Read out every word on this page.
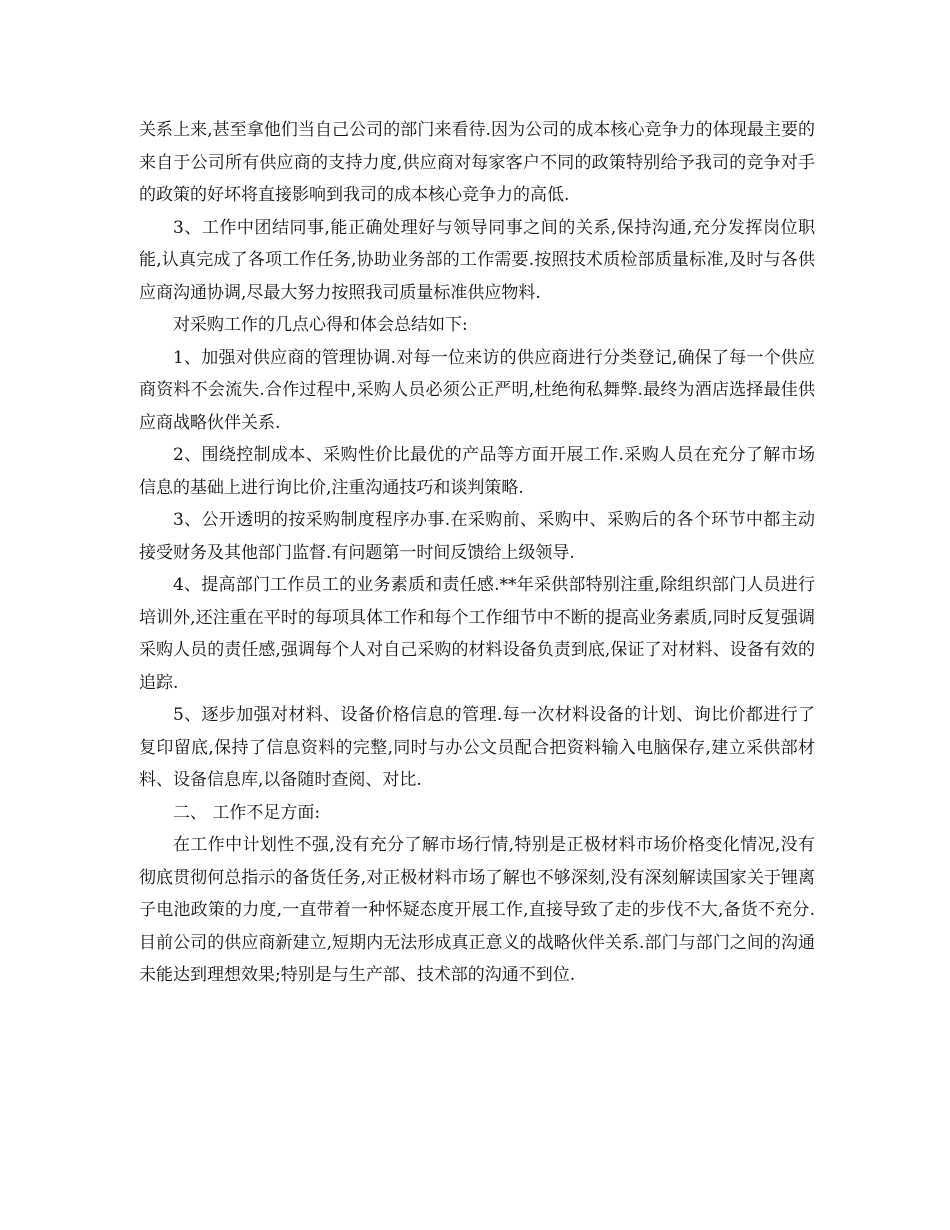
关系上来,甚至拿他们当自己公司的部门来看待.因为公司的成本核心竞争力的体现最主要的来自于公司所有供应商的支持力度,供应商对每家客户不同的政策特别给予我司的竞争对手的政策的好坏将直接影响到我司的成本核心竞争力的高低.

3、工作中团结同事,能正确处理好与领导同事之间的关系,保持沟通,充分发挥岗位职能,认真完成了各项工作任务,协助业务部的工作需要.按照技术质检部质量标准,及时与各供应商沟通协调,尽最大努力按照我司质量标准供应物料.

对采购工作的几点心得和体会总结如下:

1、加强对供应商的管理协调.对每一位来访的供应商进行分类登记,确保了每一个供应商资料不会流失.合作过程中,采购人员必须公正严明,杜绝徇私舞弊.最终为酒店选择最佳供应商战略伙伴关系.

2、围绕控制成本、采购性价比最优的产品等方面开展工作.采购人员在充分了解市场信息的基础上进行询比价,注重沟通技巧和谈判策略.

3、公开透明的按采购制度程序办事.在采购前、采购中、采购后的各个环节中都主动接受财务及其他部门监督.有问题第一时间反馈给上级领导.

4、提高部门工作员工的业务素质和责任感.**年采供部特别注重,除组织部门人员进行培训外,还注重在平时的每项具体工作和每个工作细节中不断的提高业务素质,同时反复强调采购人员的责任感,强调每个人对自己采购的材料设备负责到底,保证了对材料、设备有效的追踪.

5、逐步加强对材料、设备价格信息的管理.每一次材料设备的计划、询比价都进行了复印留底,保持了信息资料的完整,同时与办公文员配合把资料输入电脑保存,建立采供部材料、设备信息库,以备随时查阅、对比.

二、 工作不足方面:

在工作中计划性不强,没有充分了解市场行情,特别是正极材料市场价格变化情况,没有彻底贯彻何总指示的备货任务,对正极材料市场了解也不够深刻,没有深刻解读国家关于锂离子电池政策的力度,一直带着一种怀疑态度开展工作,直接导致了走的步伐不大,备货不充分.目前公司的供应商新建立,短期内无法形成真正意义的战略伙伴关系.部门与部门之间的沟通未能达到理想效果;特别是与生产部、技术部的沟通不到位.
